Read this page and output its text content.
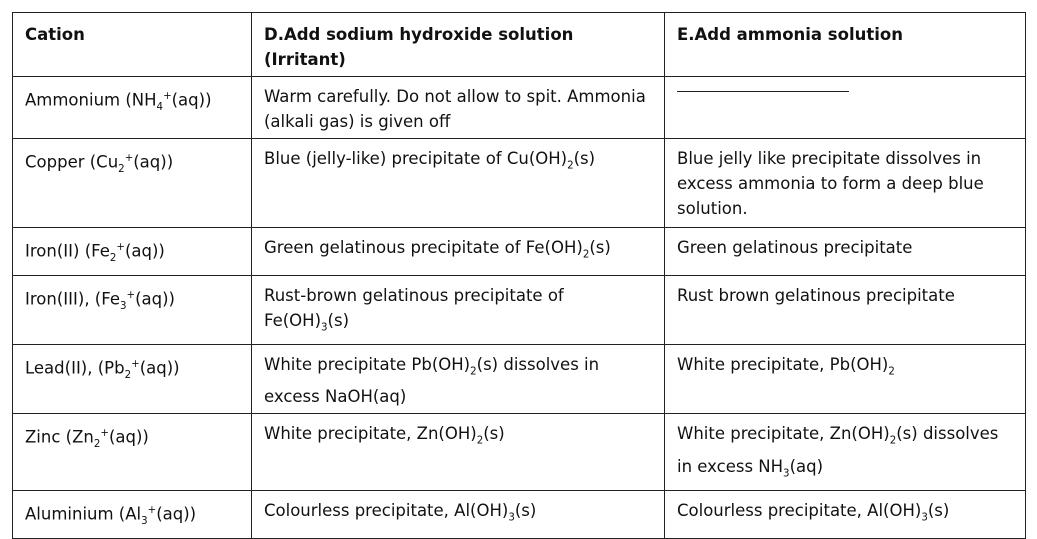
Cation	D.Add sodium hydroxide solution (Irritant)	E.Add ammonia solution
Ammonium $(NH_4^+(aq))$	Warm carefully. Do not allow to spit. Ammonia (alkali gas) is given off	
Copper $(Cu_2^+(aq))$	Blue (jelly-like) precipitate of $Cu(OH)_2(s)$	Blue jelly like precipitate dissolves in excess ammonia to form a deep blue solution.
Iron(II) $(Fe_2^+(aq))$	Green gelatinous precipitate of $Fe(OH)_2(s)$	Green gelatinous precipitate
Iron(III), $(Fe_3^+(aq))$	Rust-brown gelatinous precipitate of $Fe(OH)_3(s)$	Rust brown gelatinous precipitate
Lead(II), $(Pb_2^+(aq))$	White precipitate $Pb(OH)_2(s)$ dissolves in excess NaOH(aq)	White precipitate, $Pb(OH)_2$
Zinc $(Zn_2^+(aq))$	White precipitate, $Zn(OH)_2(s)$	White precipitate, $Zn(OH)_2(s)$ dissolves in excess $NH_3(aq)$
Aluminium $(Al_3^+(aq))$	Colourless precipitate, $Al(OH)_3(s)$	Colourless precipitate, $Al(OH)_3(s)$
